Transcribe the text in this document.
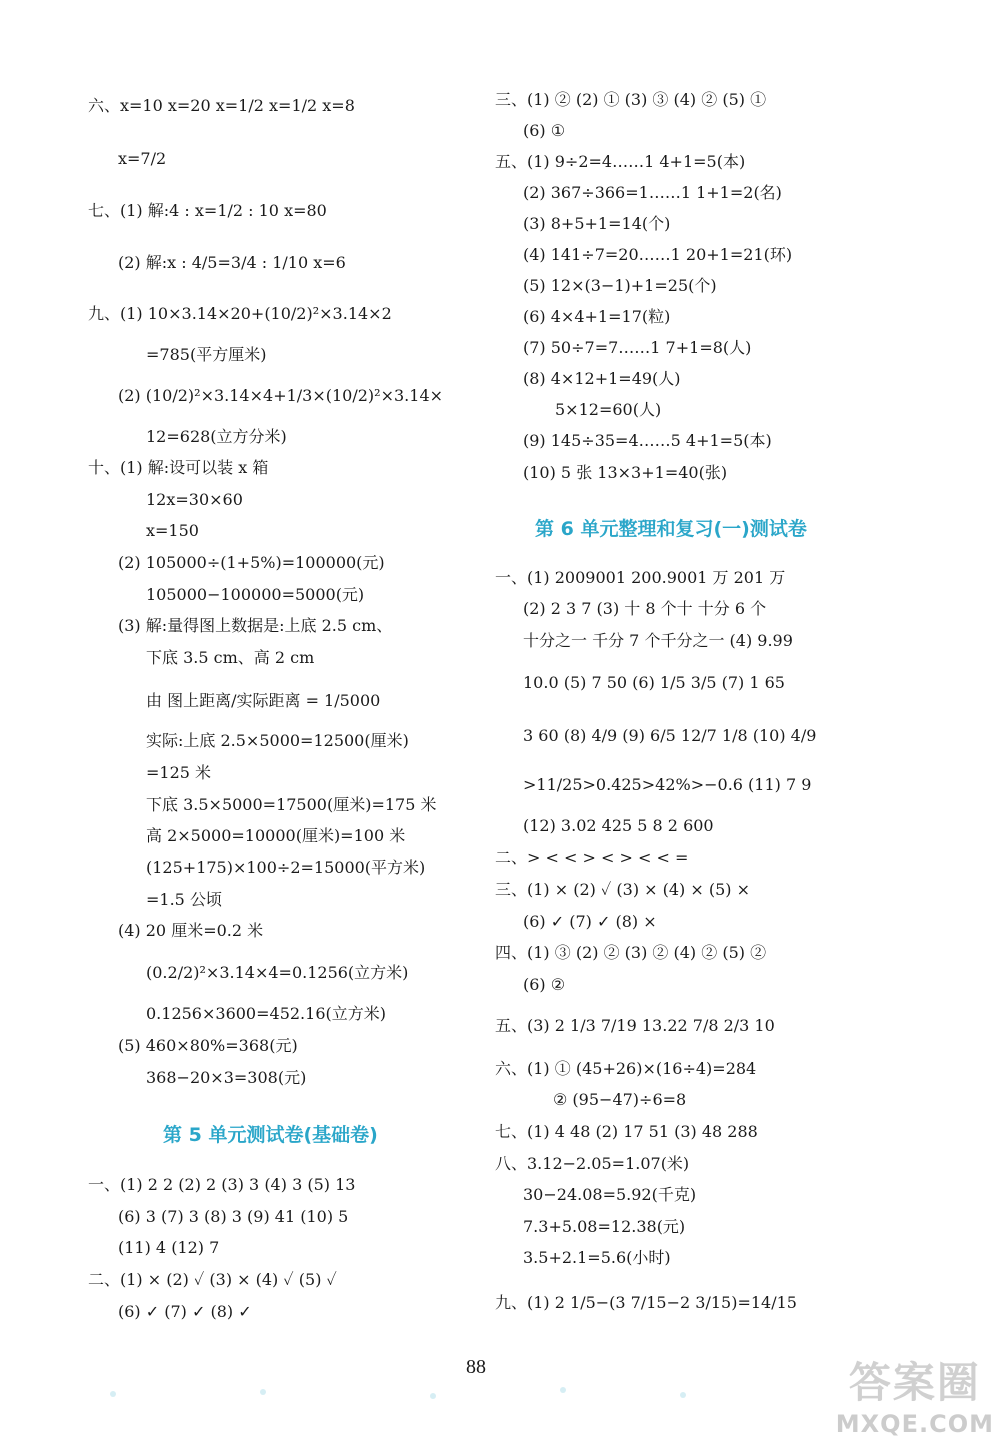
六、x=10 x=20 x=1/2 x=1/2 x=8
x=7/2
七、(1) 解:4 : x=1/2 : 10 x=80
(2) 解:x : 4/5=3/4 : 1/10 x=6
九、(1) 10×3.14×20+(10/2)²×3.14×2
=785(平方厘米)
(2) (10/2)²×3.14×4+1/3×(10/2)²×3.14×
12=628(立方分米)
十、(1) 解:设可以装 x 箱
12x=30×60
x=150
(2) 105000÷(1+5%)=100000(元)
105000−100000=5000(元)
(3) 解:量得图上数据是:上底 2.5 cm、
下底 3.5 cm、高 2 cm
由 图上距离/实际距离 = 1/5000
实际:上底 2.5×5000=12500(厘米)
=125 米
下底 3.5×5000=17500(厘米)=175 米
高 2×5000=10000(厘米)=100 米
(125+175)×100÷2=15000(平方米)
=1.5 公顷
(4) 20 厘米=0.2 米
(0.2/2)²×3.14×4=0.1256(立方米)
0.1256×3600=452.16(立方米)
(5) 460×80%=368(元)
368−20×3=308(元)
第 5 单元测试卷(基础卷)
一、(1) 2 2 (2) 2 (3) 3 (4) 3 (5) 13
(6) 3 (7) 3 (8) 3 (9) 41 (10) 5
(11) 4 (12) 7
二、(1) × (2) ✓ (3) × (4) ✓ (5) ✓
(6) ✓ (7) ✓ (8) ✓
三、(1) ② (2) ① (3) ③ (4) ② (5) ①
(6) ①
五、(1) 9÷2=4……1 4+1=5(本)
(2) 367÷366=1……1 1+1=2(名)
(3) 8+5+1=14(个)
(4) 141÷7=20……1 20+1=21(环)
(5) 12×(3−1)+1=25(个)
(6) 4×4+1=17(粒)
(7) 50÷7=7……1 7+1=8(人)
(8) 4×12+1=49(人)
5×12=60(人)
(9) 145÷35=4……5 4+1=5(本)
(10) 5 张 13×3+1=40(张)
第 6 单元整理和复习(一)测试卷
一、(1) 2009001 200.9001 万 201 万
(2) 2 3 7 (3) 十 8 个十 十分 6 个
十分之一 千分 7 个千分之一 (4) 9.99
10.0 (5) 7 50 (6) 1/5 3/5 (7) 1 65
3 60 (8) 4/9 (9) 6/5 12/7 1/8 (10) 4/9
>11/25>0.425>42%>−0.6 (11) 7 9
(12) 3.02 425 5 8 2 600
二、> < < > < > < < =
三、(1) × (2) ✓ (3) × (4) × (5) ×
(6) ✓ (7) ✓ (8) ×
四、(1) ③ (2) ② (3) ② (4) ② (5) ②
(6) ②
五、(3) 2 1/3 7/19 13.22 7/8 2/3 10
六、(1) ① (45+26)×(16÷4)=284
② (95−47)÷6=8
七、(1) 4 48 (2) 17 51 (3) 48 288
八、3.12−2.05=1.07(米)
30−24.08=5.92(千克)
7.3+5.08=12.38(元)
3.5+2.1=5.6(小时)
九、(1) 2 1/5−(3 7/15−2 3/15)=14/15
88	答案圈
MXQE.COM
